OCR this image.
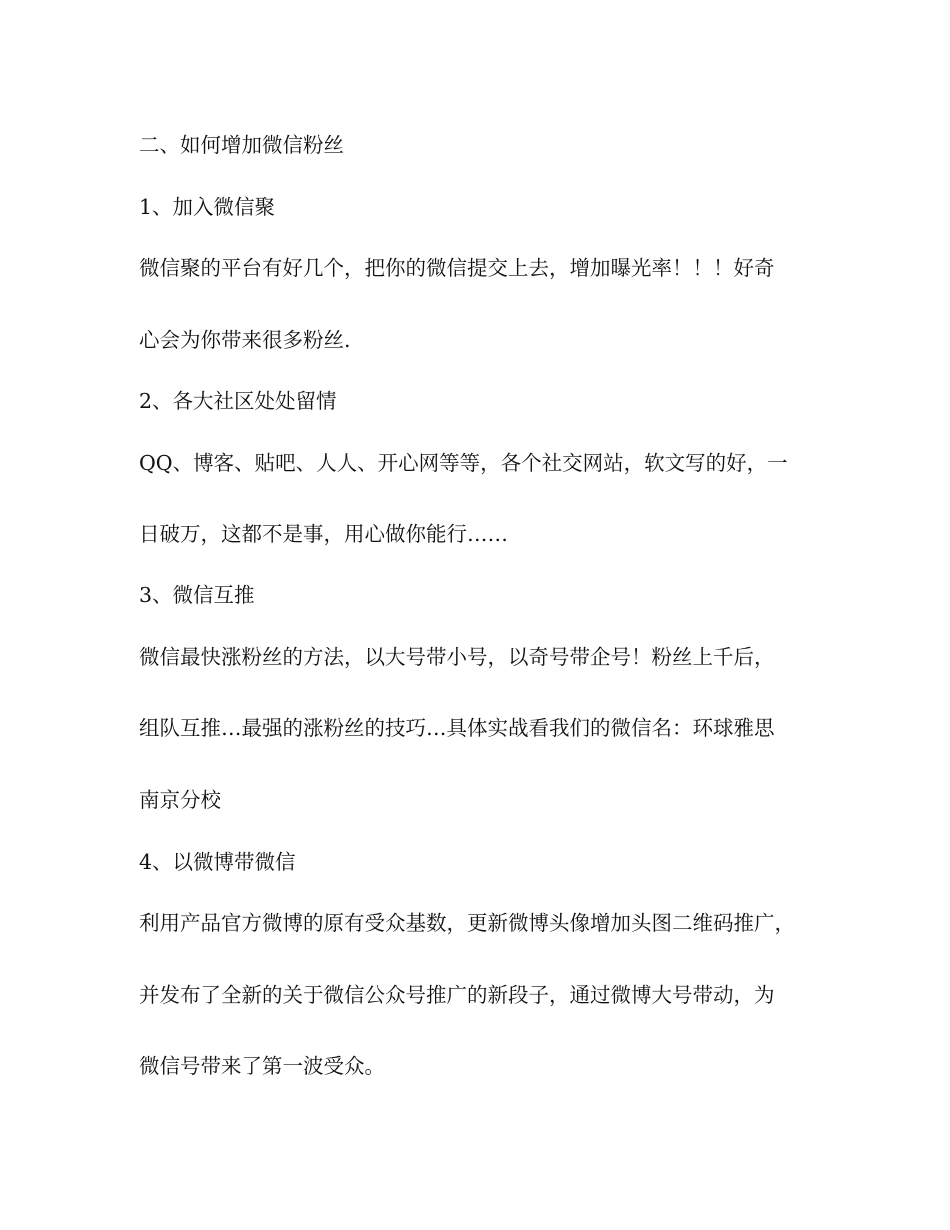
二、如何增加微信粉丝
1、加入微信聚
微信聚的平台有好几个，把你的微信提交上去，增加曝光率！！！好奇
心会为你带来很多粉丝.
2、各大社区处处留情
QQ、博客、贴吧、人人、开心网等等，各个社交网站，软文写的好，一
日破万，这都不是事，用心做你能行……
3、微信互推
微信最快涨粉丝的方法，以大号带小号，以奇号带企号！粉丝上千后，
组队互推…最强的涨粉丝的技巧…具体实战看我们的微信名：环球雅思
南京分校
4、以微博带微信
利用产品官方微博的原有受众基数，更新微博头像增加头图二维码推广，
并发布了全新的关于微信公众号推广的新段子，通过微博大号带动，为
微信号带来了第一波受众。
